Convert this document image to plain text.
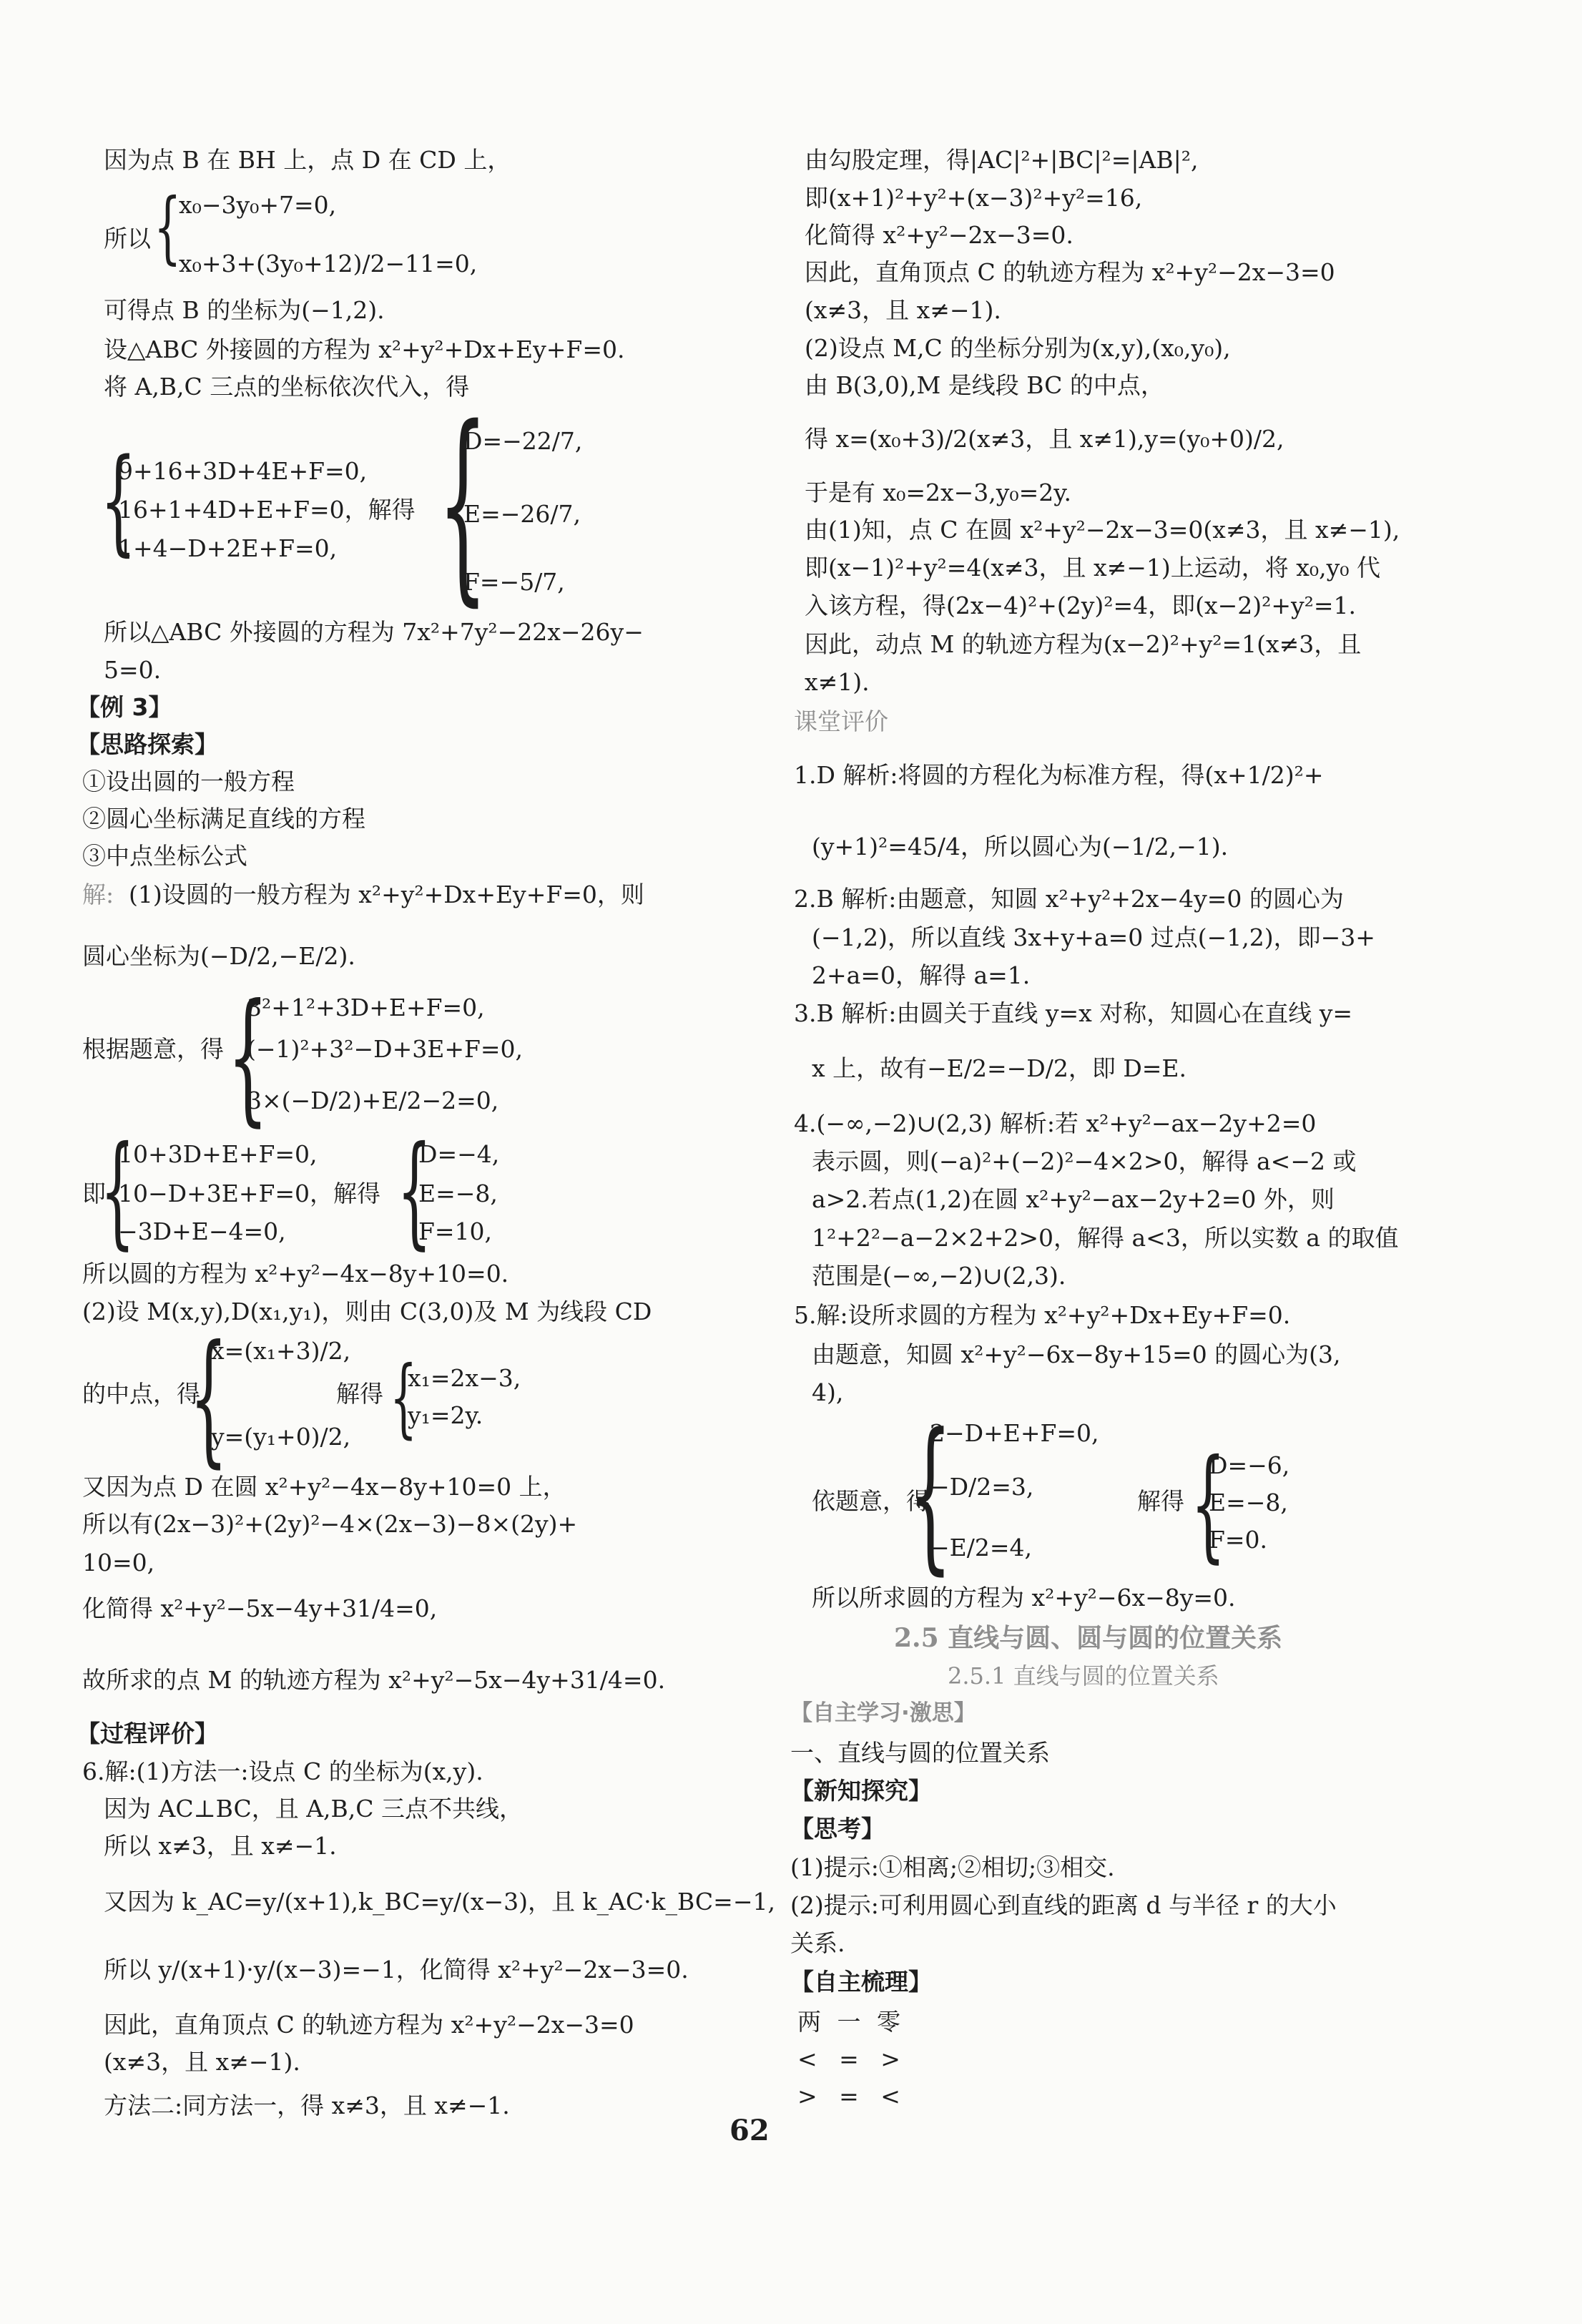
因为点 B 在 BH 上，点 D 在 CD 上，
{
x₀−3y₀+7=0,
所以
x₀+3+(3y₀+12)/2−11=0,
可得点 B 的坐标为(−1,2).
设△ABC 外接圆的方程为 x²+y²+Dx+Ey+F=0.
将 A,B,C 三点的坐标依次代入，得
{
9+16+3D+4E+F=0,
16+1+4D+E+F=0，解得
1+4−D+2E+F=0, {
D=−22/7,
E=−26/7,
F=−5/7,
所以△ABC 外接圆的方程为 7x²+7y²−22x−26y−
5=0.
【例 3】
【思路探索】
①设出圆的一般方程
②圆心坐标满足直线的方程
③中点坐标公式
解: (1)设圆的一般方程为 x²+y²+Dx+Ey+F=0，则
圆心坐标为(−D/2,−E/2).
{
3²+1²+3D+E+F=0,
根据题意，得 (−1)²+3²−D+3E+F=0,
3×(−D/2)+E/2−2=0,
{
10+3D+E+F=0,
即 10−D+3E+F=0，解得
−3D+E−4=0, {
D=−4,
E=−8,
F=10,
所以圆的方程为 x²+y²−4x−8y+10=0.
(2)设 M(x,y),D(x₁,y₁)，则由 C(3,0)及 M 为线段 CD
{
x=(x₁+3)/2,
的中点，得
y=(y₁+0)/2,
解得 {
x₁=2x−3,
y₁=2y.
又因为点 D 在圆 x²+y²−4x−8y+10=0 上，
所以有(2x−3)²+(2y)²−4×(2x−3)−8×(2y)+
10=0,
化简得 x²+y²−5x−4y+31/4=0,
故所求的点 M 的轨迹方程为 x²+y²−5x−4y+31/4=0.
【过程评价】
6.解:(1)方法一:设点 C 的坐标为(x,y).
因为 AC⊥BC，且 A,B,C 三点不共线，
所以 x≠3，且 x≠−1.
又因为 k_AC=y/(x+1),k_BC=y/(x−3)，且 k_AC·k_BC=−1,
所以 y/(x+1)·y/(x−3)=−1，化简得 x²+y²−2x−3=0.
因此，直角顶点 C 的轨迹方程为 x²+y²−2x−3=0
(x≠3，且 x≠−1).
方法二:同方法一，得 x≠3，且 x≠−1.
由勾股定理，得|AC|²+|BC|²=|AB|²,
即(x+1)²+y²+(x−3)²+y²=16,
化简得 x²+y²−2x−3=0.
因此，直角顶点 C 的轨迹方程为 x²+y²−2x−3=0
(x≠3，且 x≠−1).
(2)设点 M,C 的坐标分别为(x,y),(x₀,y₀),
由 B(3,0),M 是线段 BC 的中点，
得 x=(x₀+3)/2(x≠3，且 x≠1),y=(y₀+0)/2,
于是有 x₀=2x−3,y₀=2y.
由(1)知，点 C 在圆 x²+y²−2x−3=0(x≠3，且 x≠−1),
即(x−1)²+y²=4(x≠3，且 x≠−1)上运动，将 x₀,y₀ 代
入该方程，得(2x−4)²+(2y)²=4，即(x−2)²+y²=1.
因此，动点 M 的轨迹方程为(x−2)²+y²=1(x≠3，且
x≠1).
课堂评价
1.D 解析:将圆的方程化为标准方程，得(x+1/2)²+
(y+1)²=45/4，所以圆心为(−1/2,−1).
2.B 解析:由题意，知圆 x²+y²+2x−4y=0 的圆心为
(−1,2)，所以直线 3x+y+a=0 过点(−1,2)，即−3+
2+a=0，解得 a=1.
3.B 解析:由圆关于直线 y=x 对称，知圆心在直线 y=
x 上，故有−E/2=−D/2，即 D=E.
4.(−∞,−2)∪(2,3) 解析:若 x²+y²−ax−2y+2=0
表示圆，则(−a)²+(−2)²−4×2>0，解得 a<−2 或
a>2.若点(1,2)在圆 x²+y²−ax−2y+2=0 外，则
1²+2²−a−2×2+2>0，解得 a<3，所以实数 a 的取值
范围是(−∞,−2)∪(2,3).
5.解:设所求圆的方程为 x²+y²+Dx+Ey+F=0.
由题意，知圆 x²+y²−6x−8y+15=0 的圆心为(3,
4),
{
2−D+E+F=0,
依题意，得
−D/2=3,
−E/2=4,
解得 {
D=−6,
E=−8,
F=0.
所以所求圆的方程为 x²+y²−6x−8y=0.
2.5 直线与圆、圆与圆的位置关系
2.5.1 直线与圆的位置关系
【自主学习·激思】
一、直线与圆的位置关系
【新知探究】
【思考】
(1)提示:①相离;②相切;③相交.
(2)提示:可利用圆心到直线的距离 d 与半径 r 的大小
关系.
【自主梳理】
两 一 零
< = >
> = <
62
